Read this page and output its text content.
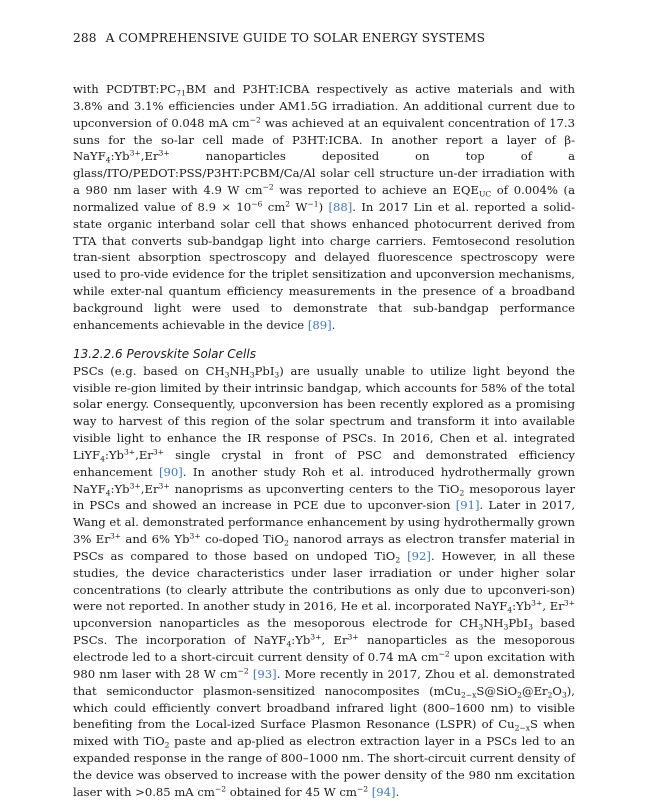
288 A COMPREHENSIVE GUIDE TO SOLAR ENERGY SYSTEMS

with $PCDTBT:PC_{71}BM$ and P3HT:ICBA respectively as active materials and with 3.8% and 3.1% efficiencies under AM1.5G irradiation. An additional current due to upconversion of 0.048 mA $cm^{-2}$ was achieved at an equivalent concentration of 17.3 suns for the so-lar cell made of P3HT:ICBA. In another report a layer of $\beta-NaYF_4:Yb^{3+},Er^{3+}$ nanoparticles deposited on top of a glass/ITO/PEDOT:PSS/P3HT:PCBM/Ca/Al solar cell structure un-der irradiation with a 980 nm laser with 4.9 W $cm^{-2}$ was reported to achieve an $EQE_{UC}$ of 0.004% (a normalized value of $8.9 \times 10^{-6}$ $cm^2$ $W^{-1}$) [88]. In 2017 Lin et al. reported a solid-state organic interband solar cell that shows enhanced photocurrent derived from TTA that converts sub-bandgap light into charge carriers. Femtosecond resolution tran-sient absorption spectroscopy and delayed fluorescence spectroscopy were used to pro-vide evidence for the triplet sensitization and upconversion mechanisms, while exter-nal quantum efficiency measurements in the presence of a broadband background light were used to demonstrate that sub-bandgap performance enhancements achievable in the device [89].

13.2.2.6 Perovskite Solar Cells

PSCs (e.g. based on $CH_3NH_3PbI_3$) are usually unable to utilize light beyond the visible re-gion limited by their intrinsic bandgap, which accounts for 58% of the total solar energy. Consequently, upconversion has been recently explored as a promising way to harvest of this region of the solar spectrum and transform it into available visible light to enhance the IR response of PSCs. In 2016, Chen et al. integrated $LiYF_4:Yb^{3+},Er^{3+}$ single crystal in front of PSC and demonstrated efficiency enhancement [90]. In another study Roh et al. introduced hydrothermally grown $NaYF_4:Yb^{3+},Er^{3+}$ nanoprisms as upconverting centers to the TiO$_2$ mesoporous layer in PSCs and showed an increase in PCE due to upconver-sion [91]. Later in 2017, Wang et al. demonstrated performance enhancement by using hydrothermally grown 3% $Er^{3+}$ and 6% $Yb^{3+}$ co-doped TiO$_2$ nanorod arrays as electron transfer material in PSCs as compared to those based on undoped TiO$_2$ [92]. However, in all these studies, the device characteristics under laser irradiation or under higher solar concentrations (to clearly attribute the contributions as only due to upconveri-son) were not reported. In another study in 2016, He et al. incorporated $NaYF_4:Yb^{3+}$, $Er^{3+}$ upconversion nanoparticles as the mesoporous electrode for $CH_3NH_3PbI_3$ based PSCs. The incorporation of $NaYF_4:Yb^{3+}$, $Er^{3+}$ nanoparticles as the mesoporous electrode led to a short-circuit current density of 0.74 mA $cm^{-2}$ upon excitation with 980 nm laser with 28 W $cm^{-2}$ [93]. More recently in 2017, Zhou et al. demonstrated that semiconductor plasmon-sensitized nanocomposites $(mCu_{2-x}S@SiO_2@Er_2O_3)$, which could efficiently convert broadband infrared light (800–1600 nm) to visible benefiting from the Local-ized Surface Plasmon Resonance (LSPR) of $Cu_{2-x}S$ when mixed with TiO$_2$ paste and ap-plied as electron extraction layer in a PSCs led to an expanded response in the range of 800–1000 nm. The short-circuit current density of the device was observed to increase with the power density of the 980 nm excitation laser with >0.85 mA $cm^{-2}$ obtained for 45 W $cm^{-2}$ [94].
